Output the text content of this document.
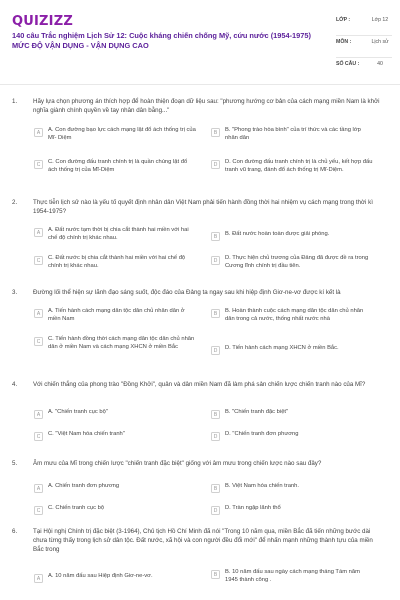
QUIZIZZ
140 câu Trắc nghiệm Lịch Sử 12: Cuộc kháng chiến chống Mỹ, cứu nước (1954-1975)
MỨC ĐỘ VẬN DỤNG - VẬN DỤNG CAO
LỚP :	Lớp 12
MÔN :	Lịch sử
SỐ CÂU :	40
1.	Hãy lựa chọn phương án thích hợp để hoàn thiện đoạn dữ liệu sau: "phương hướng cơ bản của cách mạng miền Nam là khởi nghĩa giành chính quyền về tay nhân dân bằng..."
A	A. Con đường bạo lực cách mạng lật đổ ách thống trị của Mĩ- Diệm
B	B. "Phong trào hòa bình" của trí thức và các tầng lớp nhân dân
C	C. Con đường đấu tranh chính trị là quần chúng lật đổ ách thống trị của Mĩ-Diệm
D	D. Con đường đấu tranh chính trị là chủ yếu, kết hợp đấu tranh vũ trang, đánh đổ ách thống trị Mĩ-Diệm.
2.	Thực tiễn lịch sử nào là yếu tố quyết định nhân dân Việt Nam phải tiến hành đồng thời hai nhiệm vụ cách mạng trong thời kì 1954-1975?
A	A. Đất nước tạm thời bị chia cắt thành hai miền với hai chế độ chính trị khác nhau.	B	B. Đất nước hoàn toàn được giải phóng.
C	C. Đất nước bị chia cắt thành hai miền với hai chế độ chính trị khác nhau.
D	D. Thực hiện chủ trương của Đảng đã được đề ra trong Cương lĩnh chính trị đầu tiên.
3.	Đường lối thể hiện sự lãnh đạo sáng suốt, độc đáo của Đảng ta ngay sau khi hiệp định Giơ-ne-vơ được kí kết là
A	A. Tiến hành cách mạng dân tộc dân chủ nhân dân ở miền Nam
B	B. Hoàn thành cuộc cách mạng dân tộc dân chủ nhân dân trong cả nước, thống nhất nước nhà
C	C. Tiến hành đồng thời cách mạng dân tộc dân chủ nhân dân ở miền Nam và cách mạng XHCN ở miền Bắc
D	D. Tiến hành cách mạng XHCN ở miền Bắc.
4.	Với chiến thắng của phong trào "Đồng Khởi", quân và dân miền Nam đã làm phá sản chiến lược chiến tranh nào của Mĩ?
A	A. "Chiến tranh cục bộ"	B	B. "Chiến tranh đặc biệt"
C	C. "Việt Nam hóa chiến tranh"	D	D. "Chiến tranh đơn phương
5.	Âm mưu của Mĩ trong chiến lược "chiến tranh đặc biệt" giống với âm mưu trong chiến lược nào sau đây?
A	A. Chiến tranh đơn phương	B	B. Việt Nam hóa chiến tranh.
C	C. Chiến tranh cục bộ	D	D. Tràn ngập lãnh thổ
6.	Tại Hội nghị Chính trị đặc biệt (3-1964), Chủ tịch Hồ Chí Minh đã nói "Trong 10 năm qua, miền Bắc đã tiến những bước dài chưa từng thấy trong lịch sử dân tộc. Đất nước, xã hội và con người đều đổi mới" để nhấn mạnh những thành tựu của miền Bắc trong
A	A. 10 năm đấu sau Hiệp định Giơ-ne-vơ.	B	B. 10 năm đấu sau ngày cách mạng tháng Tám năm 1945 thành công .
